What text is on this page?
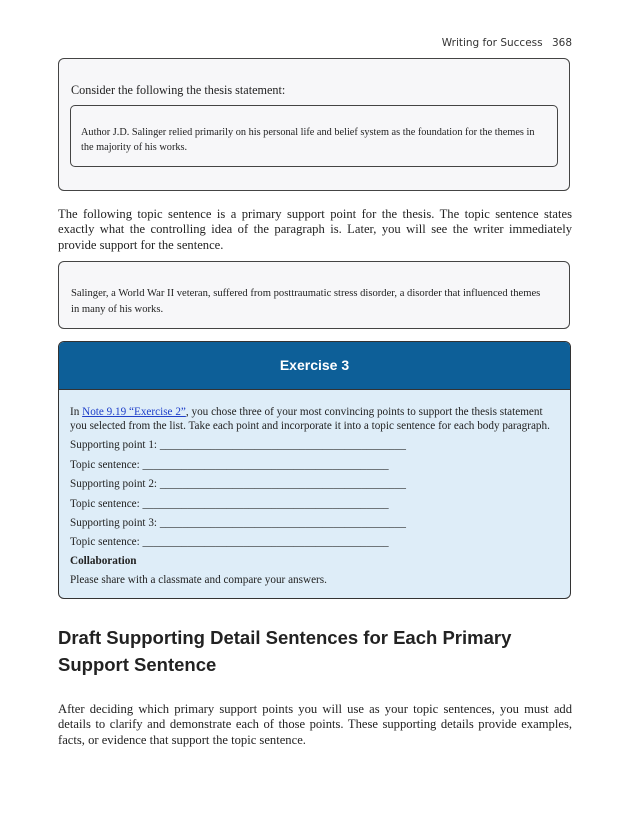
Writing for Success 368
Consider the following the thesis statement:
Author J.D. Salinger relied primarily on his personal life and belief system as the foundation for the themes in the majority of his works.

The following topic sentence is a primary support point for the thesis. The topic sentence states exactly what the controlling idea of the paragraph is. Later, you will see the writer immediately provide support for the sentence.

Salinger, a World War II veteran, suffered from posttraumatic stress disorder, a disorder that influenced themes in many of his works.
Exercise 3
In Note 9.19 “Exercise 2”, you chose three of your most convincing points to support the thesis statement you selected from the list. Take each point and incorporate it into a topic sentence for each body paragraph.
Supporting point 1: ____________________________________________
Topic sentence: ____________________________________________
Supporting point 2: ____________________________________________
Topic sentence: ____________________________________________
Supporting point 3: ____________________________________________
Topic sentence: ____________________________________________
Collaboration
Please share with a classmate and compare your answers.
Draft Supporting Detail Sentences for Each Primary Support Sentence

After deciding which primary support points you will use as your topic sentences, you must add details to clarify and demonstrate each of those points. These supporting details provide examples, facts, or evidence that support the topic sentence.
